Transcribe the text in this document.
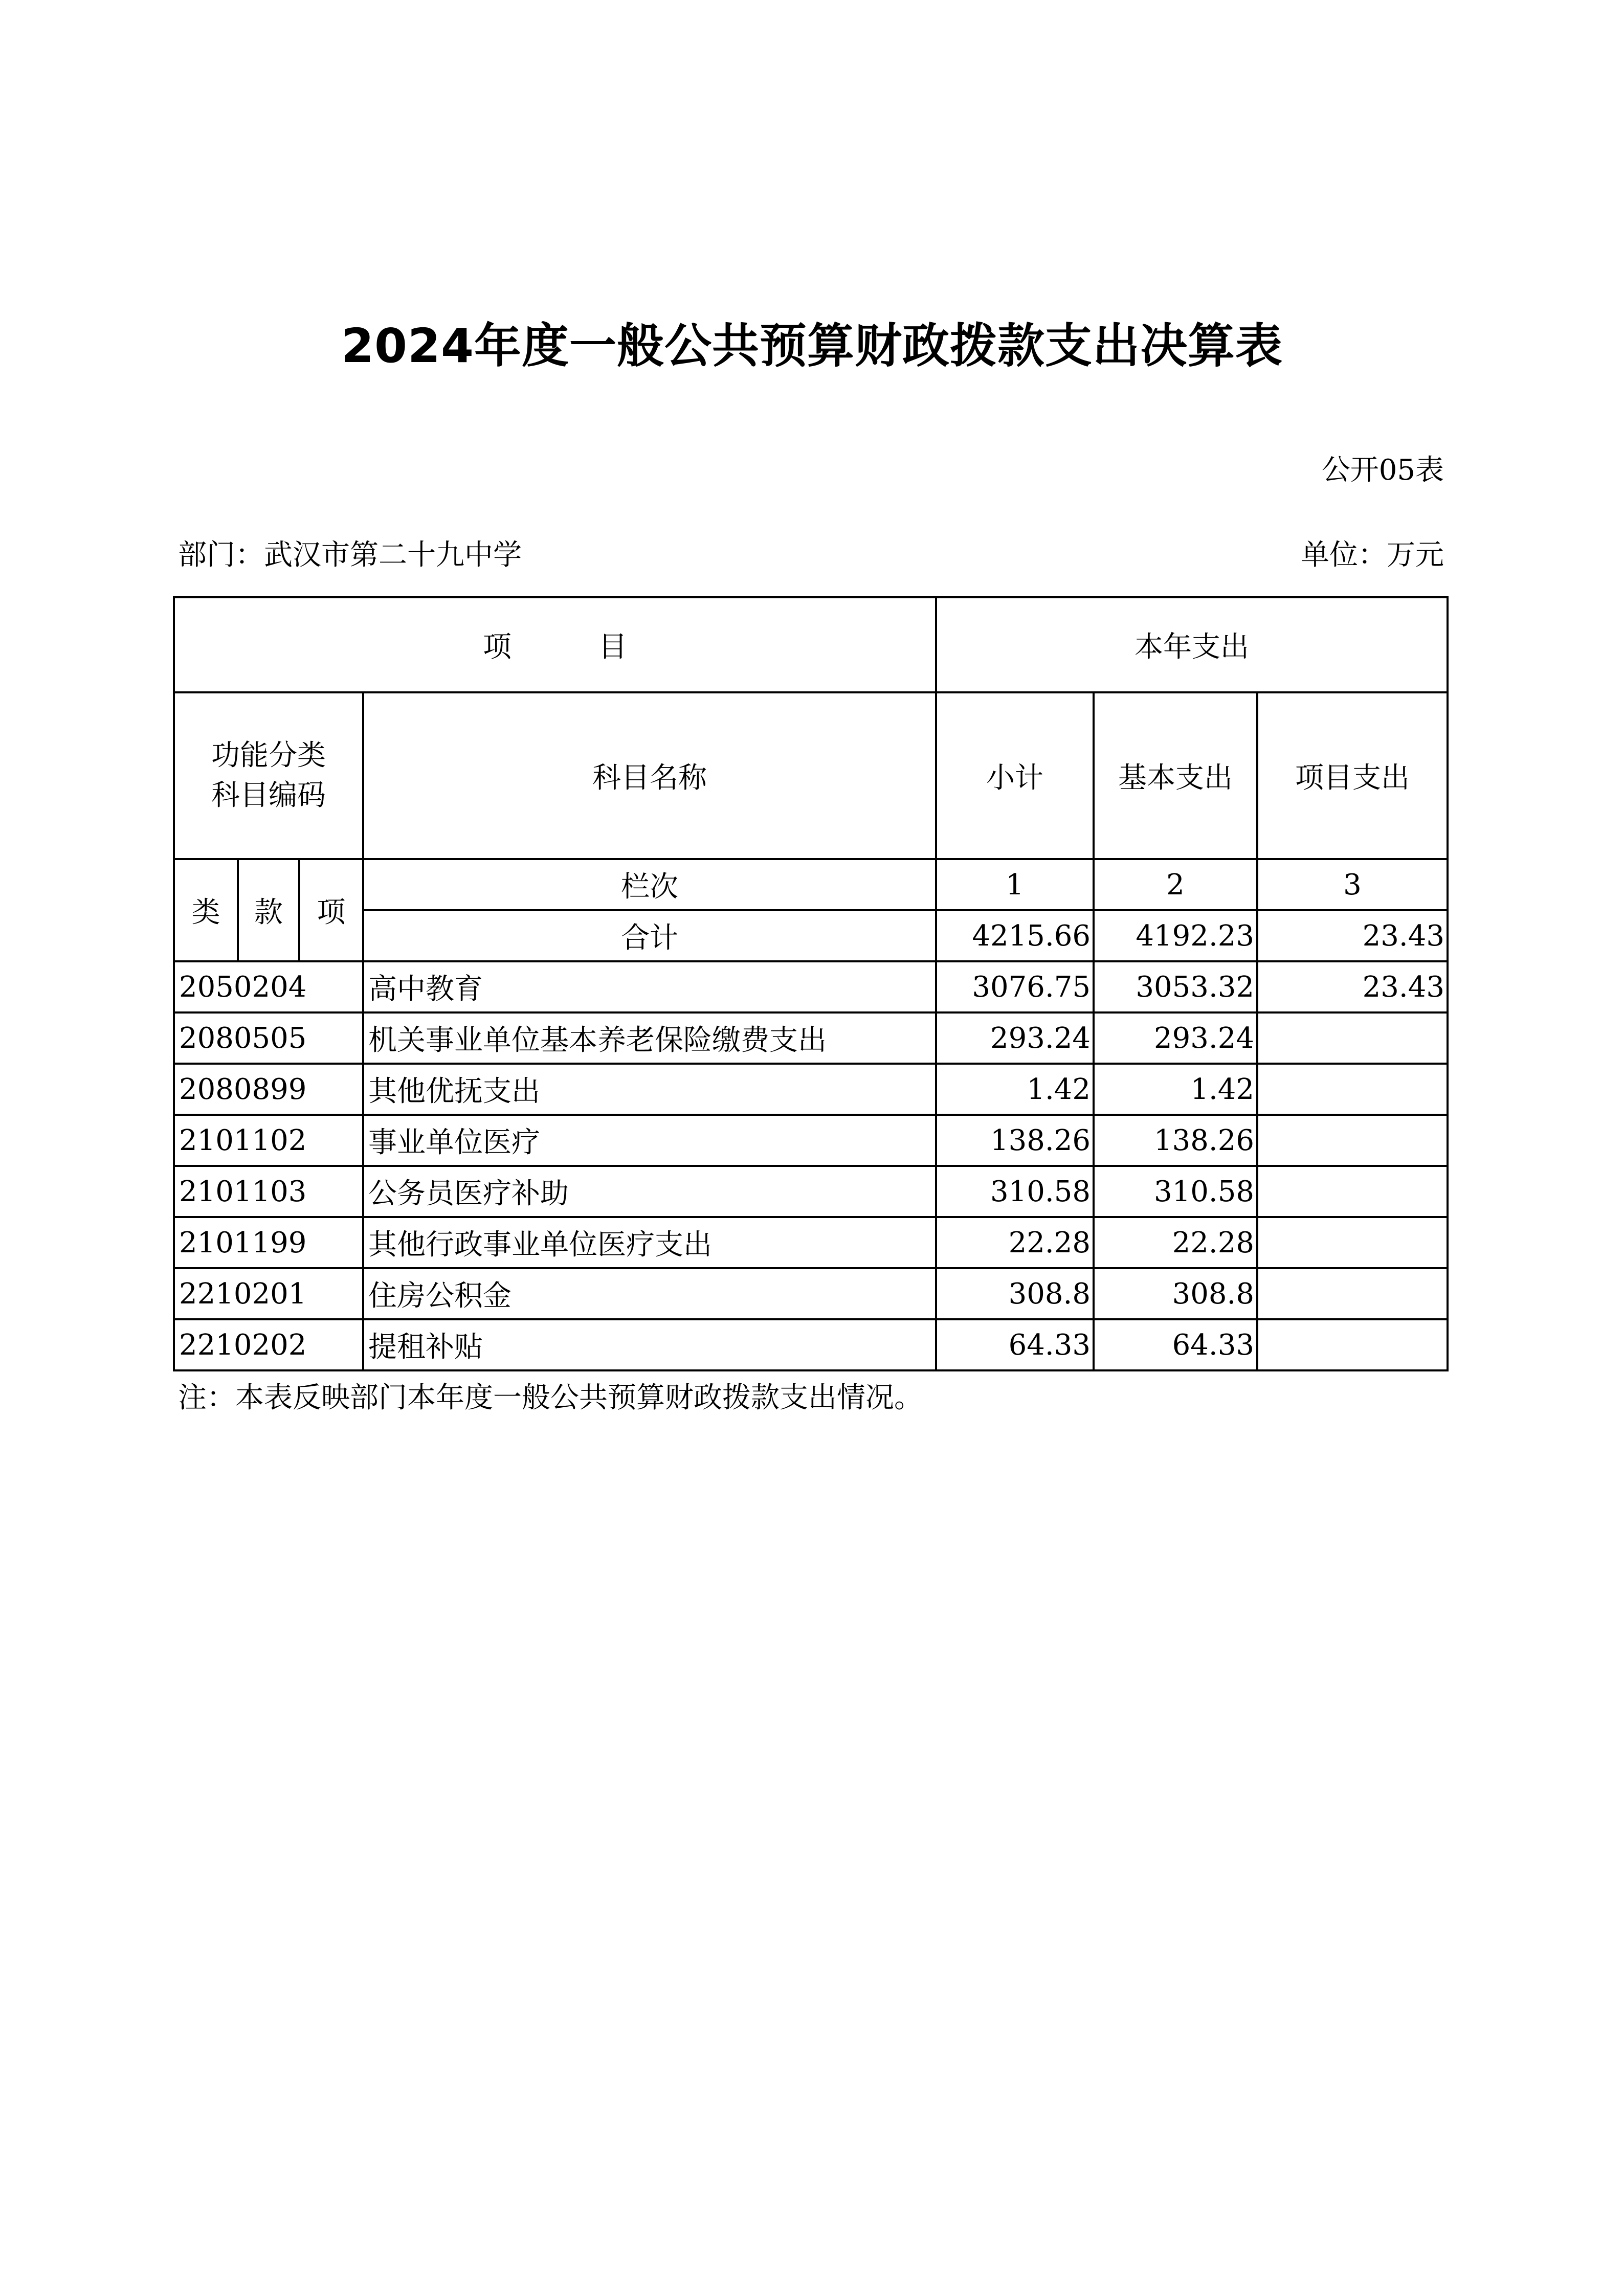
2024年度一般公共预算财政拨款支出决算表
公开05表
部门：武汉市第二十九中学	单位：万元
项 目				本年支出		

功能分类
科目编码			科目名称	小计	基本支出	项目支出
类	款	项	栏次	1	2	3
			合计	4215.66	4192.23	23.43
2050204			高中教育	3076.75	3053.32	23.43
2080505			机关事业单位基本养老保险缴费支出	293.24	293.24	
2080899			其他优抚支出	1.42	1.42	
2101102			事业单位医疗	138.26	138.26	
2101103			公务员医疗补助	310.58	310.58	
2101199			其他行政事业单位医疗支出	22.28	22.28	
2210201			住房公积金	308.8	308.8	
2210202			提租补贴	64.33	64.33	
注：本表反映部门本年度一般公共预算财政拨款支出情况。
